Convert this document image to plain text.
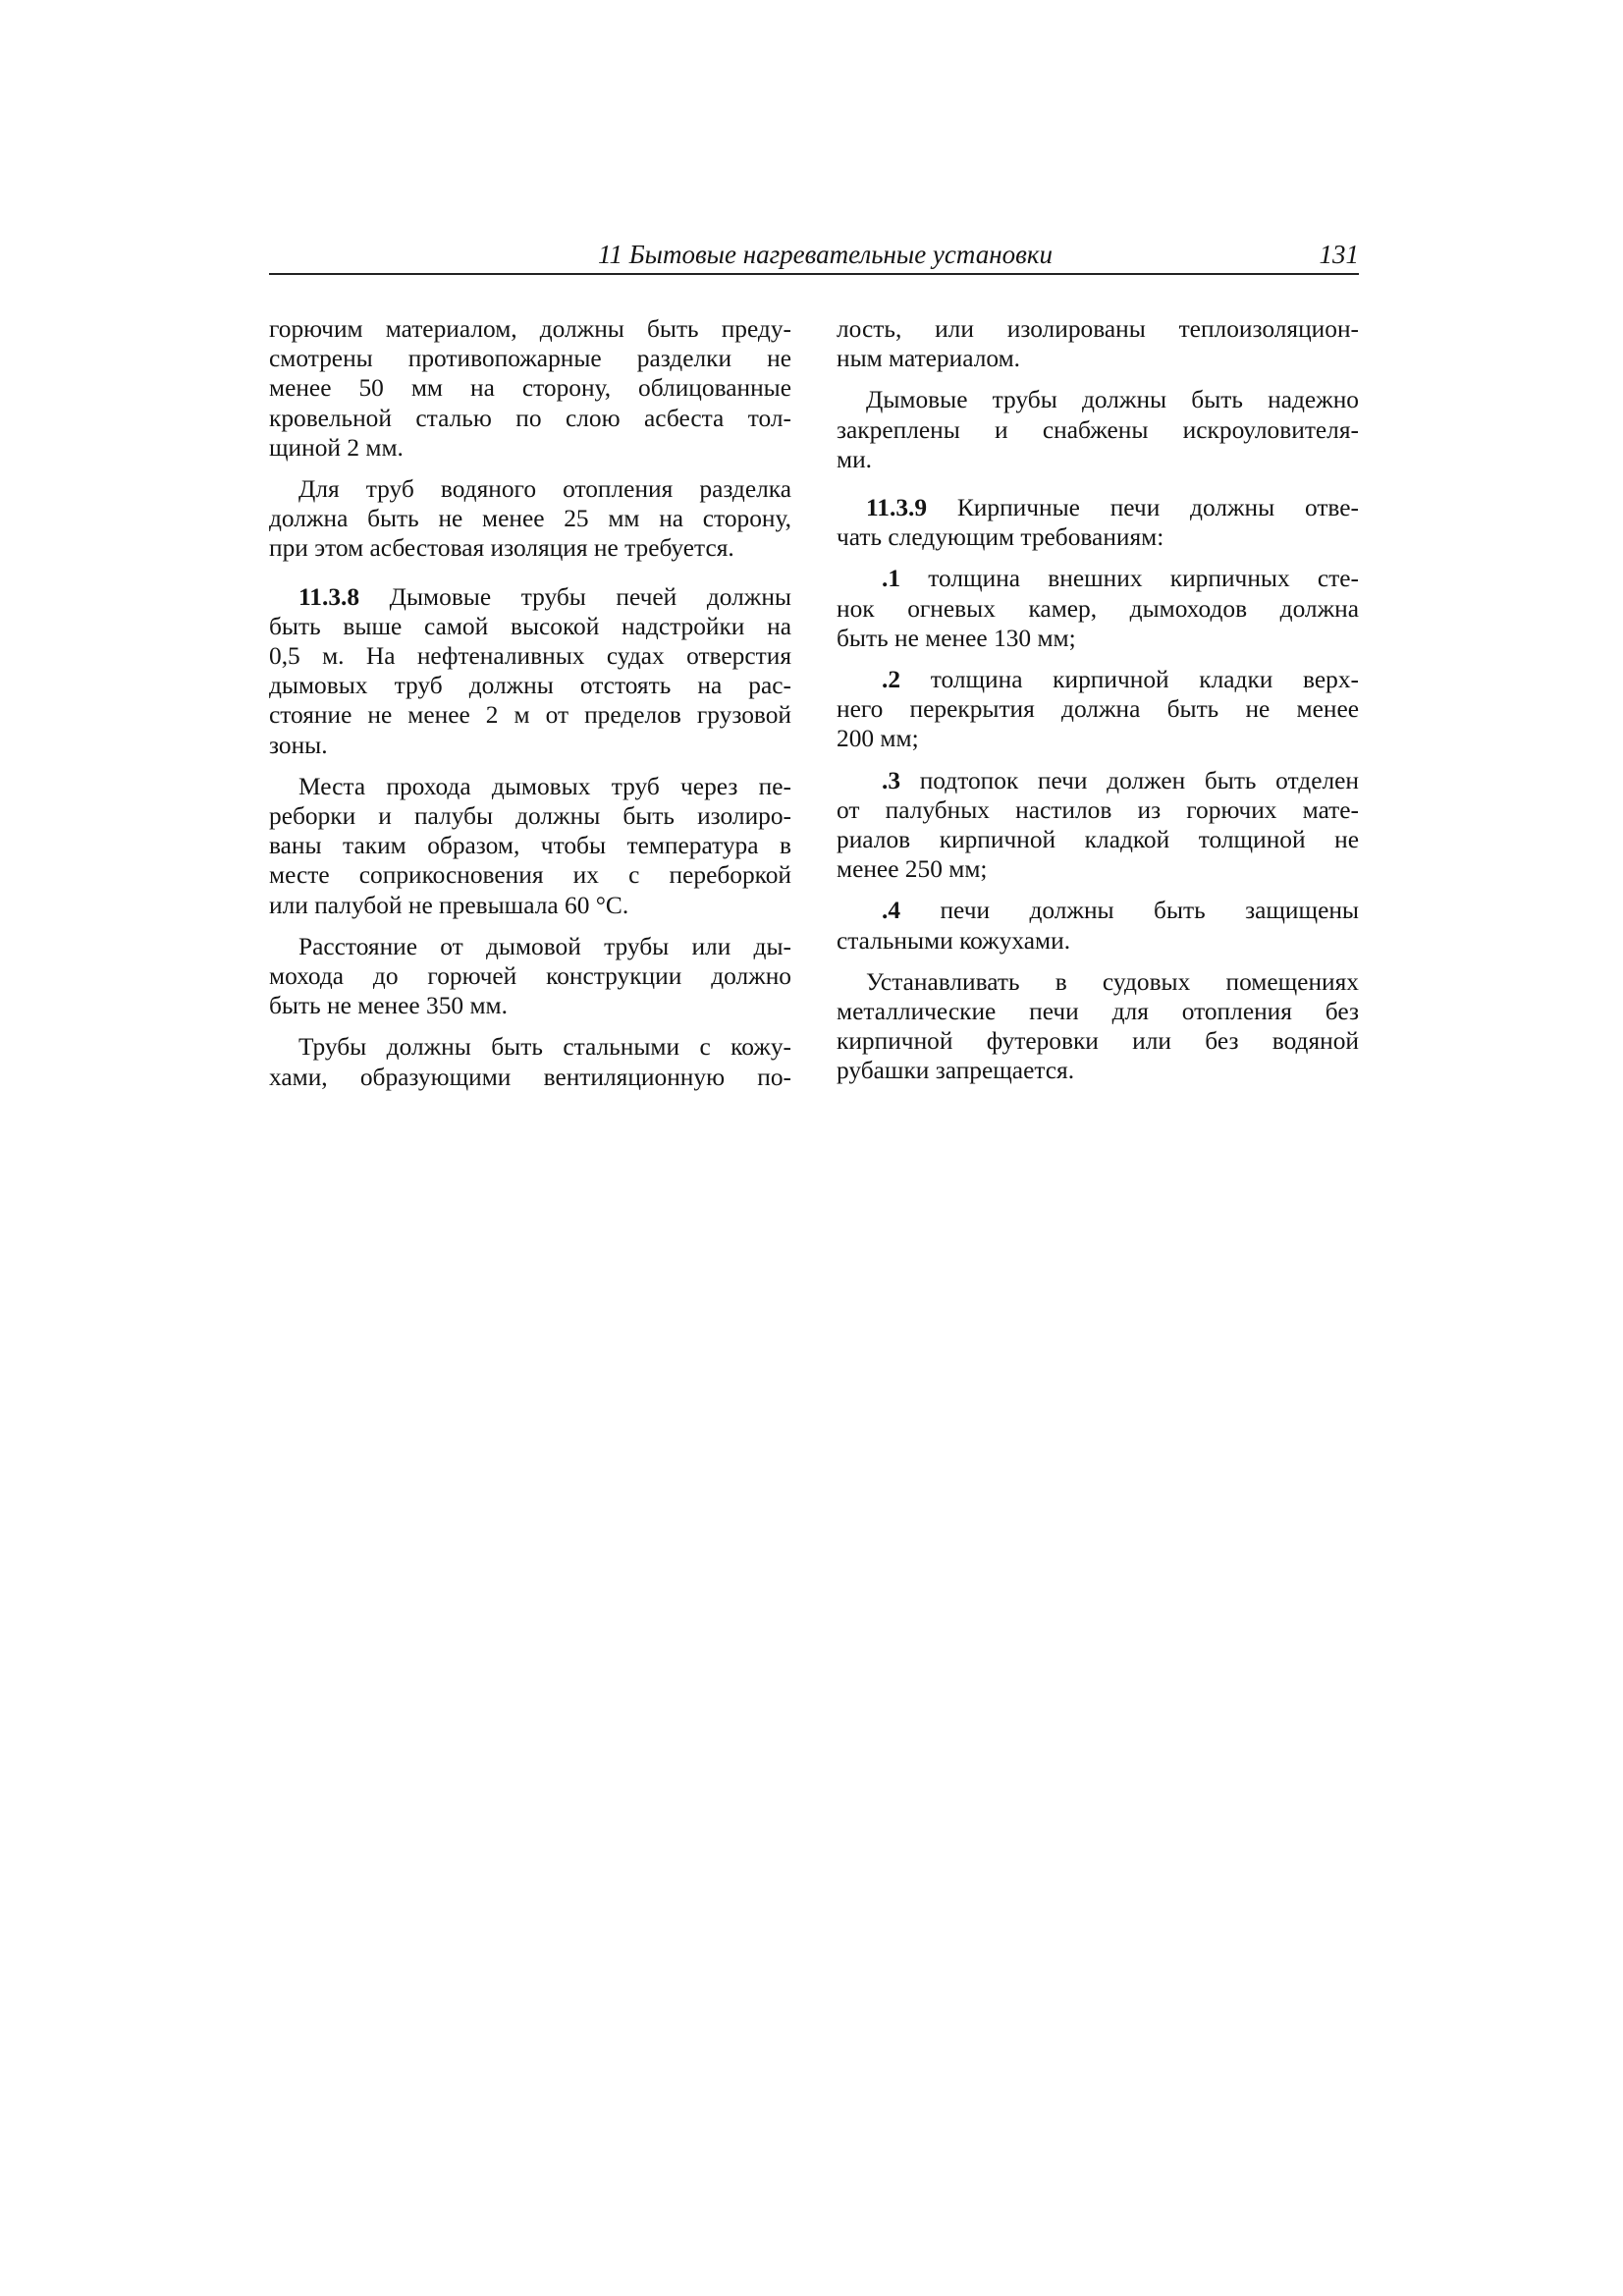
11 Бытовые нагревательные установки	131
горючим материалом, должны быть преду-
смотрены противопожарные разделки не
менее 50 мм на сторону, облицованные
кровельной сталью по слою асбеста тол-
щиной 2 мм.
Для труб водяного отопления разделка
должна быть не менее 25 мм на сторону,
при этом асбестовая изоляция не требуется.
11.3.8 Дымовые трубы печей должны
быть выше самой высокой надстройки на
0,5 м. На нефтеналивных судах отверстия
дымовых труб должны отстоять на рас-
стояние не менее 2 м от пределов грузовой
зоны.
Места прохода дымовых труб через пе-
реборки и палубы должны быть изолиро-
ваны таким образом, чтобы температура в
месте соприкосновения их с переборкой
или палубой не превышала 60 °С.
Расстояние от дымовой трубы или ды-
мохода до горючей конструкции должно
быть не менее 350 мм.
Трубы должны быть стальными с кожу-
хами, образующими вентиляционную по-
лость, или изолированы теплоизоляцион-
ным материалом.
Дымовые трубы должны быть надежно
закреплены и снабжены искроуловителя-
ми.
11.3.9 Кирпичные печи должны отве-
чать следующим требованиям:
.1 толщина внешних кирпичных сте-
нок огневых камер, дымоходов должна
быть не менее 130 мм;
.2 толщина кирпичной кладки верх-
него перекрытия должна быть не менее
200 мм;
.3 подтопок печи должен быть отделен
от палубных настилов из горючих мате-
риалов кирпичной кладкой толщиной не
менее 250 мм;
.4 печи должны быть защищены
стальными кожухами.
Устанавливать в судовых помещениях
металлические печи для отопления без
кирпичной футеровки или без водяной
рубашки запрещается.
